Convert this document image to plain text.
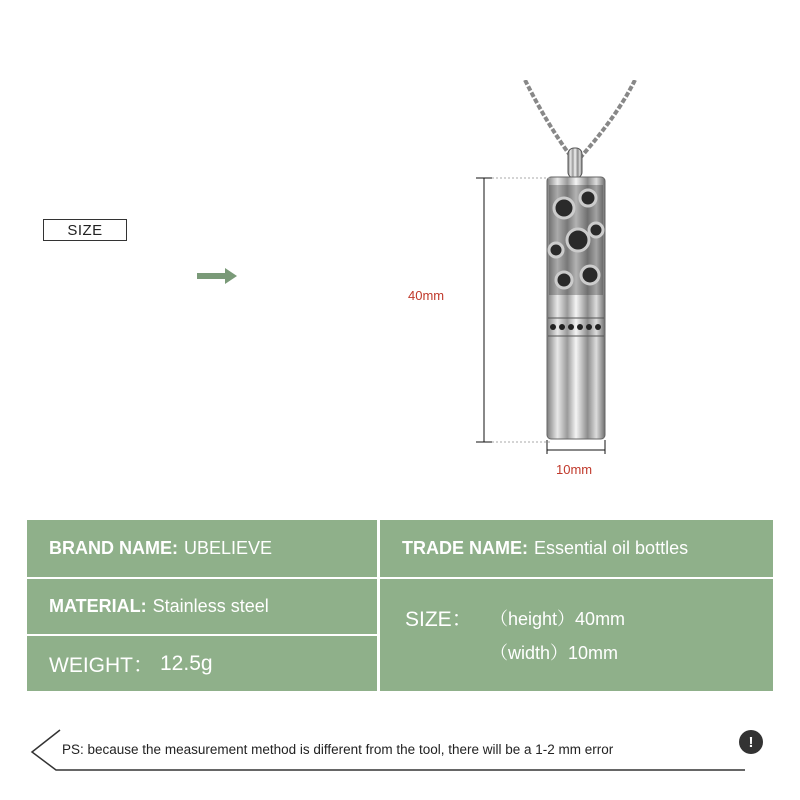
SIZE
40mm
10mm
BRAND NAME: UBELIEVE
MATERIAL: Stainless steel
WEIGHT： 12.5g
TRADE NAME: Essential oil bottles
SIZE： （height）40mm
（width）10mm
PS: because the measurement method is different from the tool, there will be a 1-2 mm error	!
